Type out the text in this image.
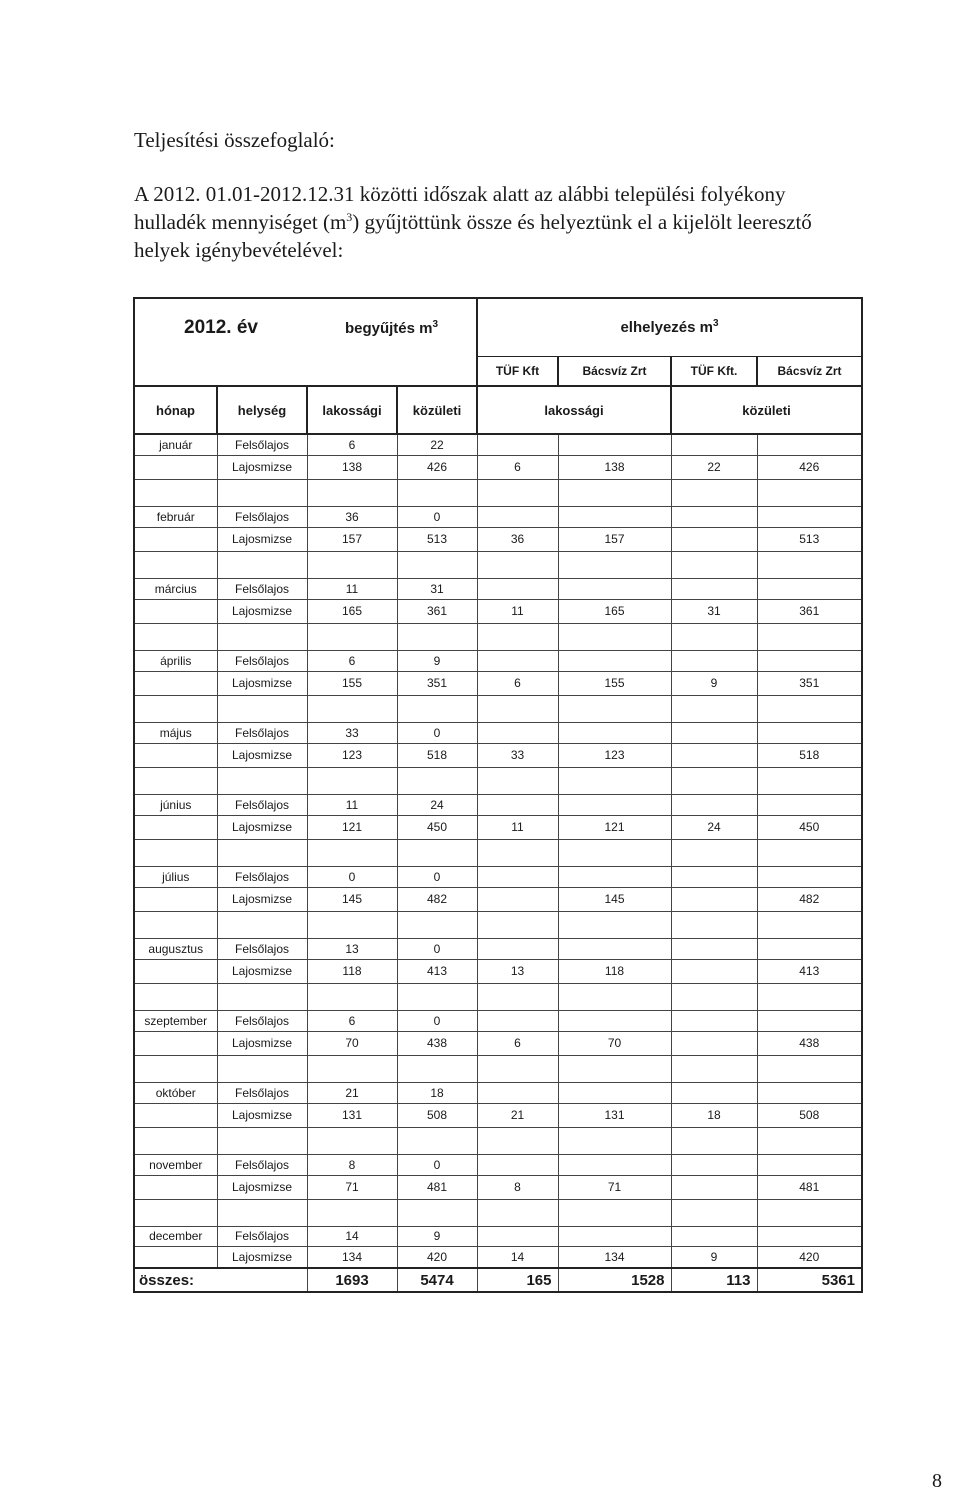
Teljesítési összefoglaló:

A 2012. 01.01-2012.12.31 közötti időszak alatt az alábbi települési folyékony hulladék mennyiséget $(m^3)$ gyűjtöttünk össze és helyeztünk el a kijelölt leeresztő helyek igénybevételével:

2012. év		begyűjtés $m^3$		elhelyezés $m^3$
				TÜF Kft	Bácsvíz Zrt	TÜF Kft.	Bácsvíz Zrt
hónap	helység	lakossági	közületi	lakossági		közületi	
január	Felsőlajos	6	22				
	Lajosmizse	138	426	6	138	22	426

február	Felsőlajos	36	0				
	Lajosmizse	157	513	36	157		513

március	Felsőlajos	11	31				
	Lajosmizse	165	361	11	165	31	361

április	Felsőlajos	6	9				
	Lajosmizse	155	351	6	155	9	351

május	Felsőlajos	33	0				
	Lajosmizse	123	518	33	123		518

június	Felsőlajos	11	24				
	Lajosmizse	121	450	11	121	24	450

július	Felsőlajos	0	0				
	Lajosmizse	145	482		145		482

augusztus	Felsőlajos	13	0				
	Lajosmizse	118	413	13	118		413

szeptember	Felsőlajos	6	0				
	Lajosmizse	70	438	6	70		438

október	Felsőlajos	21	18				
	Lajosmizse	131	508	21	131	18	508

november	Felsőlajos	8	0				
	Lajosmizse	71	481	8	71		481

december	Felsőlajos	14	9				
	Lajosmizse	134	420	14	134	9	420
összes:		1693	5474	165	1528	113	5361
8
